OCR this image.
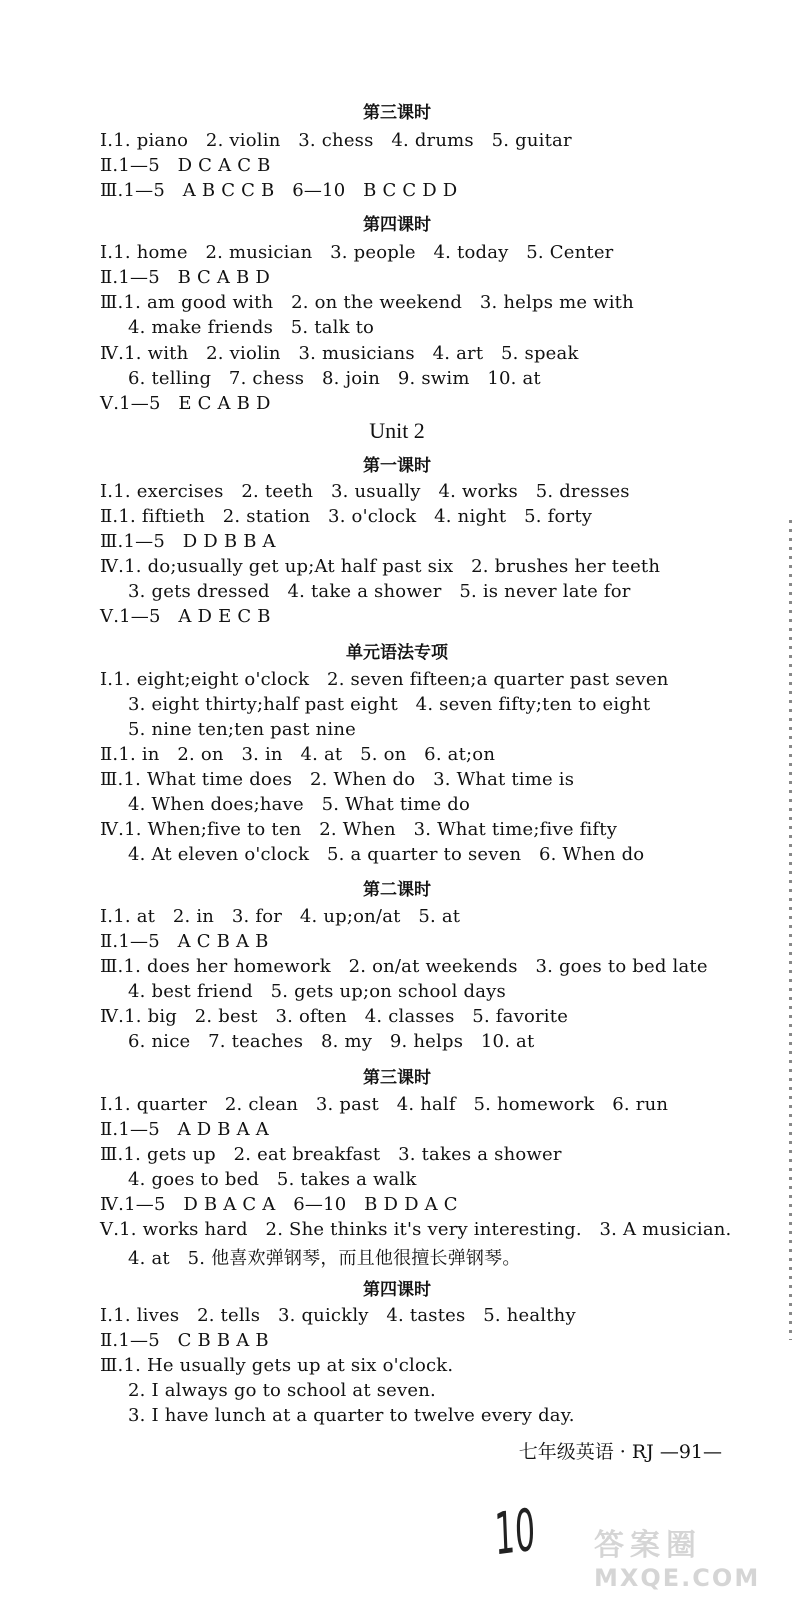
第三课时
Ⅰ.1. piano   2. violin   3. chess   4. drums   5. guitar
Ⅱ.1—5   D C A C B
Ⅲ.1—5   A B C C B   6—10   B C C D D
第四课时
Ⅰ.1. home   2. musician   3. people   4. today   5. Center
Ⅱ.1—5   B C A B D
Ⅲ.1. am good with   2. on the weekend   3. helps me with
4. make friends   5. talk to
Ⅳ.1. with   2. violin   3. musicians   4. art   5. speak
6. telling   7. chess   8. join   9. swim   10. at
Ⅴ.1—5   E C A B D
Unit 2
第一课时
Ⅰ.1. exercises   2. teeth   3. usually   4. works   5. dresses
Ⅱ.1. fiftieth   2. station   3. o'clock   4. night   5. forty
Ⅲ.1—5   D D B B A
Ⅳ.1. do;usually get up;At half past six   2. brushes her teeth
3. gets dressed   4. take a shower   5. is never late for
Ⅴ.1—5   A D E C B
单元语法专项
Ⅰ.1. eight;eight o'clock   2. seven fifteen;a quarter past seven
3. eight thirty;half past eight   4. seven fifty;ten to eight
5. nine ten;ten past nine
Ⅱ.1. in   2. on   3. in   4. at   5. on   6. at;on
Ⅲ.1. What time does   2. When do   3. What time is
4. When does;have   5. What time do
Ⅳ.1. When;five to ten   2. When   3. What time;five fifty
4. At eleven o'clock   5. a quarter to seven   6. When do
第二课时
Ⅰ.1. at   2. in   3. for   4. up;on/at   5. at
Ⅱ.1—5   A C B A B
Ⅲ.1. does her homework   2. on/at weekends   3. goes to bed late
4. best friend   5. gets up;on school days
Ⅳ.1. big   2. best   3. often   4. classes   5. favorite
6. nice   7. teaches   8. my   9. helps   10. at
第三课时
Ⅰ.1. quarter   2. clean   3. past   4. half   5. homework   6. run
Ⅱ.1—5   A D B A A
Ⅲ.1. gets up   2. eat breakfast   3. takes a shower
4. goes to bed   5. takes a walk
Ⅳ.1—5   D B A C A   6—10   B D D A C
Ⅴ.1. works hard   2. She thinks it's very interesting.   3. A musician.
4. at   5. 他喜欢弹钢琴，而且他很擅长弹钢琴。
第四课时
Ⅰ.1. lives   2. tells   3. quickly   4. tastes   5. healthy
Ⅱ.1—5   C B B A B
Ⅲ.1. He usually gets up at six o'clock.
2. I always go to school at seven.
3. I have lunch at a quarter to twelve every day.
七年级英语 · RJ —91—
10 答案圈
MXQE.COM
